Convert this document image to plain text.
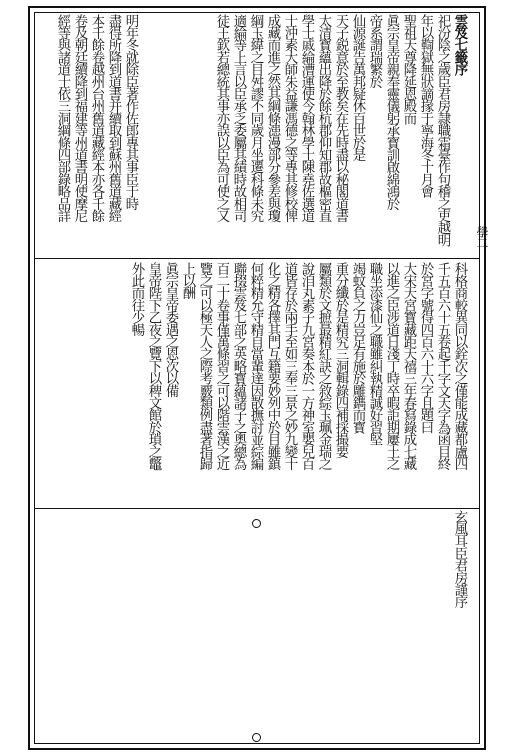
學二
雲笈七籤序
祀汾陰之歲臣君房隷職霜臺作句稽之吏越明
年以鞫獄無狀謫掾于寧海冬十月會
聖祖天尊降延恩殿而
眞宗皇帝親奉靈儀躬承寳訓啟綿鴻於
帝系謂瑞繁於
仙源誕告萬邦疑休百世於是
天子鋭意於至教矣在先時盡以秘閣道書
太清寳蘊出降於餘杭郡仰知郡故樞密直
學士戚綸漕運使今翰林學士陳堯佐選道
士沖素大師朱益謙馮德之等專其修校俾
成藏而進之然其綱條漶漫部分參差與瓊
綱玉緯之目舛謬不同歲月坐遷科條未究
適綸等上言以臣承乏委屬其績時故相司
徒王欽若總統其事亦誤以臣為可使之又
明年冬就除臣著作佐郎專其事臣于時
盡得所降到道書并續取到蘇州舊道藏經
本千餘卷越州台州舊道藏經本亦各千餘
卷及朝廷續降到福建等州道書明使摩尼
經等與諸道士依三洞綱條四部錄略品詳
科格商較異同以銓次之僅能成藏都盧四
千五百六十五卷起千字文天字為函目終
於宮字號得四百六十六字且題曰
大宋天宮寳藏距天禧三年春寫錄成七藏
以進之臣涉道日淺丁時卒暇詎期屢土之
職坐添漆仙之職雖糾執精誠好習堅
竭蚊負之力豈足有施於雕鐫而寳
重分纖於是精究三洞輯錄四補採撮要
屬類於文摭最精紅訣之敘綜玉珮金瑞之
說洎丸素子九宮奏本於一方神室嬰兒百
道皆存於兩手至如三奉三景之妙九變十
化之精各擇其門互籍要妙列中於目雖鎮
何粹精允守精自當輩達因散撫討並綜編
聯掇雲笈七部之英略寳蘊諸子之奧總為
百二十卷事僅萬條習之可以階雲漢之近
覽之可以極天人之際考覈類例盡著指歸
上以酬
眞宗皇帝委遇之恩次以備
皇帝陛下乙夜之覽下以稗文館於瑣之鼈
外此而往少暢
玄風耳臣君房謹序
